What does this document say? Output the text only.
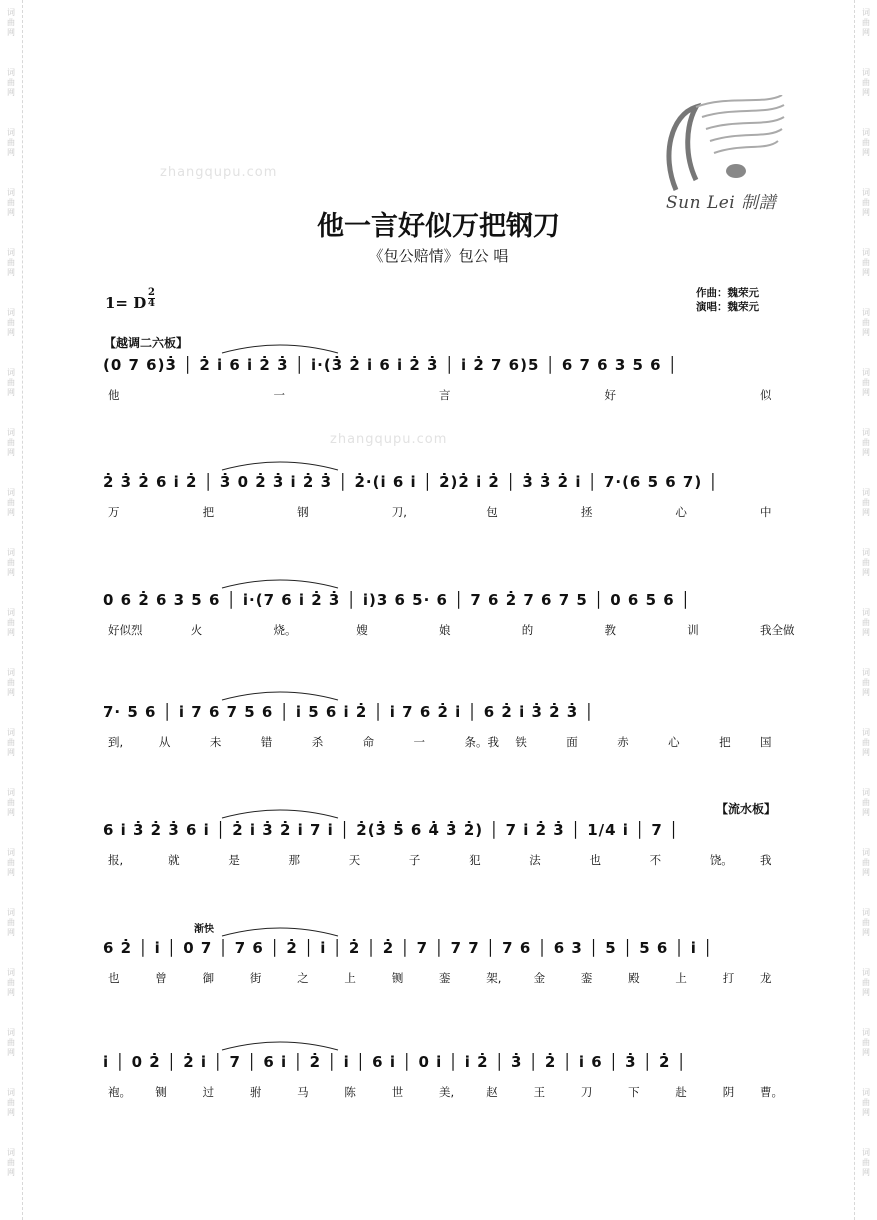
词
曲
网
词
曲
网
词
曲
网
词
曲
网
词
曲
网
词
曲
网
词
曲
网
词
曲
网
词
曲
网
词
曲
网
词
曲
网
词
曲
网
词
曲
网
词
曲
网
词
曲
网
词
曲
网
词
曲
网
词
曲
网
词
曲
网
词
曲
网
词
曲
网
词
曲
网
词
曲
网
词
曲
网
词
曲
网
词
曲
网
词
曲
网
词
曲
网
词
曲
网
词
曲
网
词
曲
网
词
曲
网
词
曲
网
词
曲
网
词
曲
网
词
曲
网
词
曲
网
词
曲
网
词
曲
网
词
曲
网
Sun Lei 制譜
zhangqupu.com
zhangqupu.com
他一言好似万把钢刀
《包公赔情》包公 唱
1= D
2
4
作曲：魏荣元
演唱：魏荣元
【越调二六板】
【流水板】
渐快
(0 7 6)3̇ │ 2̇ i 6 i 2̇ 3̇ │ i·(3̇ 2̇ i 6 i 2̇ 3̇ │ i 2̇ 7 6)5 │ 6 7 6 3 5 6 │
他	一	言	好	似
2̇ 3̇ 2̇ 6 i 2̇ │ 3̇ 0 2̇ 3̇ i 2̇ 3̇ │ 2̇·(i 6 i │ 2̇)2̇ i 2̇ │ 3̇ 3̇ 2̇ i │ 7·(6 5 6 7) │
万	把	钢	刀,	包	拯	心	中
0 6 2̇ 6 3 5 6 │ i·(7 6 i 2̇ 3̇ │ i)3 6 5· 6 │ 7 6 2̇ 7 6 7 5 │ 0 6 5 6 │
好似烈	火	烧。	嫂	娘	的	教	训	我全做
7· 5 6 │ i 7 6 7 5 6 │ i 5 6 i 2̇ │ i 7 6 2̇ i │ 6 2̇ i 3̇ 2̇ 3̇ │
到,	从	未	错	杀	命	一	条。我 铁	面	赤	心	把	国
6 i 3̇ 2̇ 3̇ 6 i │ 2̇ i 3̇ 2̇ i 7 i │ 2̇(3̇ 5̇ 6 4̇ 3̇ 2̇) │ 7 i 2̇ 3̇ │ 1/4 i │ 7 │
报,	就	是	那	天	子	犯	法	也	不	饶。 我
6 2̇ │ i │ 0 7 │ 7 6 │ 2̇ │ i │ 2̇ │ 2̇ │ 7 │ 7 7 │ 7 6 │ 6 3 │ 5 │ 5 6 │ i │
也	曾	御	街	之	上	铡	銮	架,	金	銮	殿	上	打 龙
i │ 0 2̇ │ 2̇ i │ 7 │ 6 i │ 2̇ │ i │ 6 i │ 0 i │ i 2̇ │ 3̇ │ 2̇ │ i 6 │ 3̇ │ 2̇ │
袍。 铡	过	驸	马	陈	世	美,	赵	王	刀	下	赴	阴 曹。
